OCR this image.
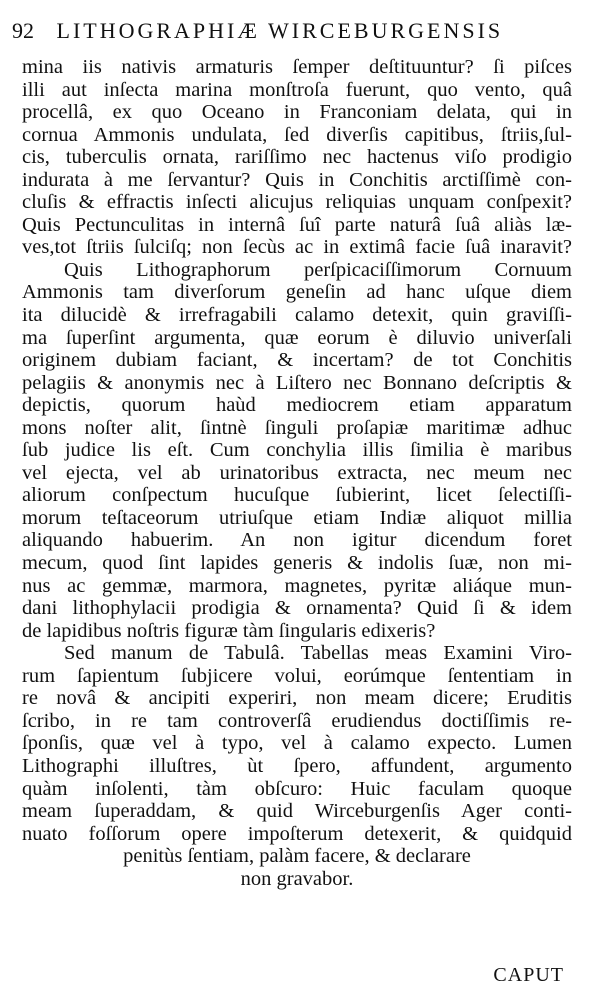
92 LITHOGRAPHIÆ WIRCEBURGENSIS
mina iis nativis armaturis ſemper deſtituuntur? ſi piſces
illi aut inſecta marina monſtroſa fuerunt, quo vento, quâ
procellâ, ex quo Oceano in Franconiam delata, qui in
cornua Ammonis undulata, ſed diverſis capitibus, ſtriis,ſul-
cis, tuberculis ornata, rariſſimo nec hactenus viſo prodigio
indurata à me ſervantur? Quis in Conchitis arctiſſimè con-
cluſis & effractis inſecti alicujus reliquias unquam conſpexit?
Quis Pectunculitas in internâ ſuî parte naturâ ſuâ aliàs læ-
ves,tot ſtriis ſulciſq; non ſecùs ac in extimâ facie ſuâ inaravit?
Quis Lithographorum perſpicaciſſimorum Cornuum
Ammonis tam diverſorum geneſin ad hanc uſque diem
ita dilucidè & irrefragabili calamo detexit, quin graviſſi-
ma ſuperſint argumenta, quæ eorum è diluvio univerſali
originem dubiam faciant, & incertam? de tot Conchitis
pelagiis & anonymis nec à Liſtero nec Bonnano deſcriptis &
depictis, quorum haùd mediocrem etiam apparatum
mons noſter alit, ſintnè ſinguli proſapiæ maritimæ adhuc
ſub judice lis eſt. Cum conchylia illis ſimilia è maribus
vel ejecta, vel ab urinatoribus extracta, nec meum nec
aliorum conſpectum hucuſque ſubierint, licet ſelectiſſi-
morum teſtaceorum utriuſque etiam Indiæ aliquot millia
aliquando habuerim. An non igitur dicendum foret
mecum, quod ſint lapides generis & indolis ſuæ, non mi-
nus ac gemmæ, marmora, magnetes, pyritæ aliáque mun-
dani lithophylacii prodigia & ornamenta? Quid ſi & idem
de lapidibus noſtris figuræ tàm ſingularis edixeris?
Sed manum de Tabulâ. Tabellas meas Examini Viro-
rum ſapientum ſubjicere volui, eorúmque ſententiam in
re novâ & ancipiti experiri, non meam dicere; Eruditis
ſcribo, in re tam controverſâ erudiendus doctiſſimis re-
ſponſis, quæ vel à typo, vel à calamo expecto. Lumen
Lithographi illuſtres, ùt ſpero, affundent, argumento
quàm inſolenti, tàm obſcuro: Huic faculam quoque
meam ſuperaddam, & quid Wirceburgenſis Ager conti-
nuato foſſorum opere impoſterum detexerit, & quidquid
penitùs ſentiam, palàm facere, & declarare
non gravabor.
CAPUT
